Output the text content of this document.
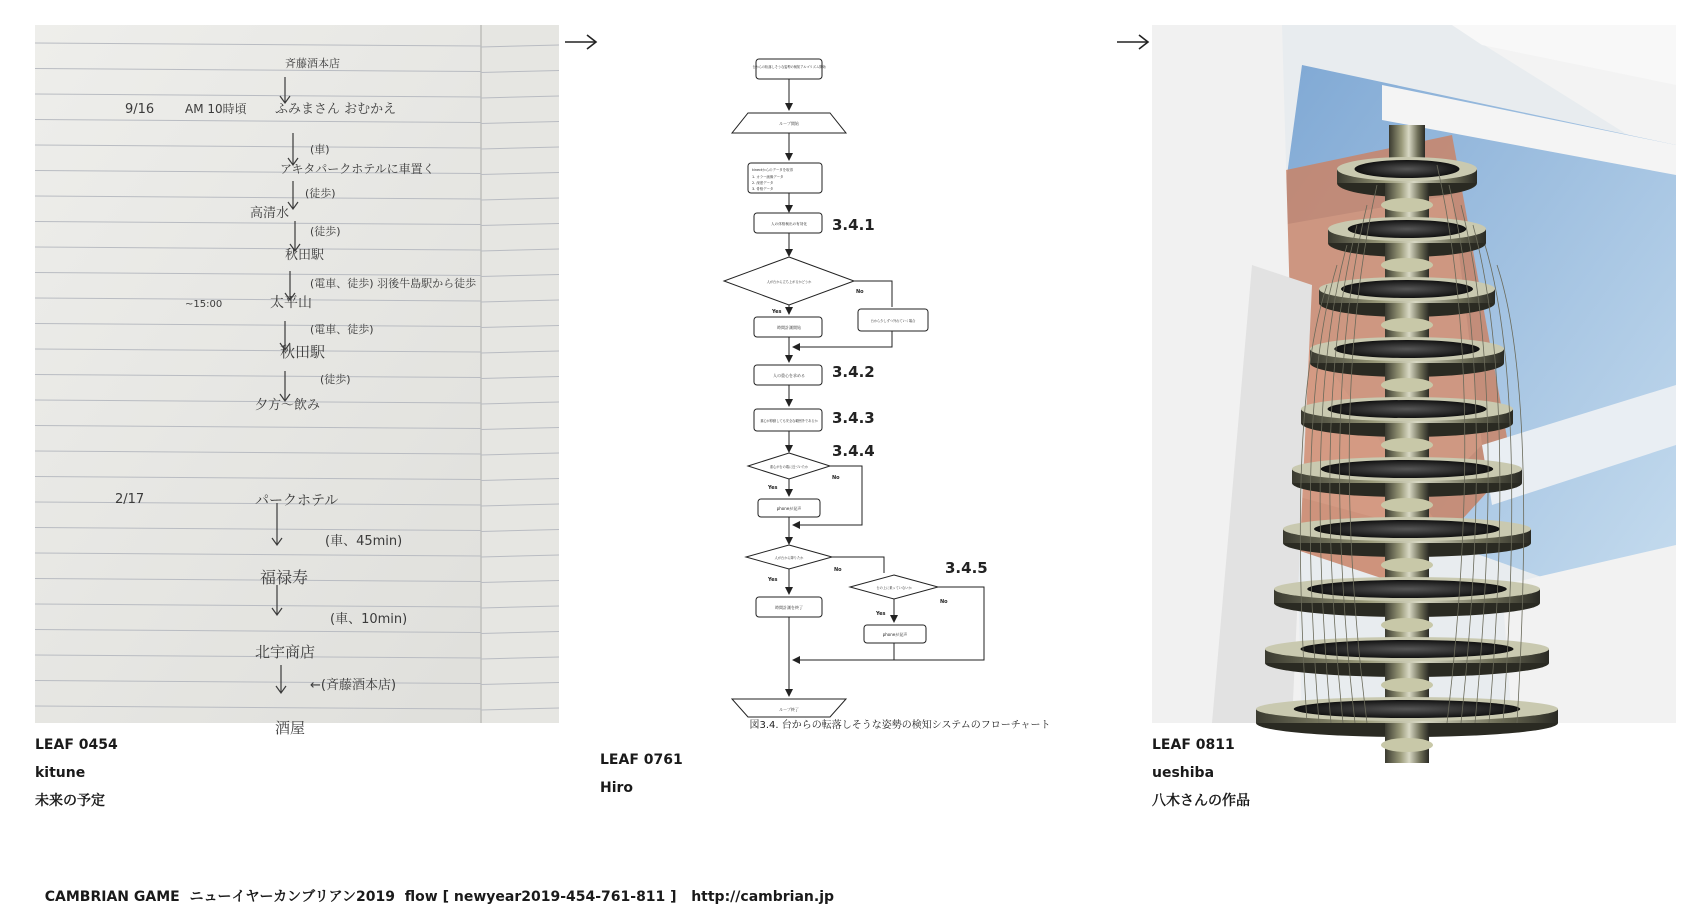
斉藤酒本店
9/16	AM 10時頃 ふみまさん おむかえ
(車)
アキタパークホテルに車置く
(徒歩)
高清水
(徒歩)
秋田駅
(電車、徒歩) 羽後牛島駅から徒歩
~15:00	太平山
(電車、徒歩)
秋田駅
(徒歩)
夕方～飲み
2/17	パークホテル
(車、45min)
福禄寿
(車、10min)
北宇商店
←(斉藤酒本店)
酒屋
LEAF 0454
kitune
未来の予定
台からの転落しそうな姿勢の検知アルゴリズム開始
ループ開始
kinectからのデータを取得
1. カラー画像データ
2. 深度データ
3. 骨格データ
人の体格検出の有効化
人が台から立ち上がるかどうか
時間計測開始
台から少しずつ外れていく場合
人の重心を求める
重心が移動しても安全な範囲外であるか
重心が台の端に近づいたか
phoneが発声
人が台から降りたか
時間計測を終了
台の上に乗っていないか
phoneが発声
ループ終了
Yes
No
Yes
No
Yes
No
Yes
No
3.4.1
3.4.2
3.4.3
3.4.4
3.4.5
図3.4. 台からの転落しそうな姿勢の検知システムのフローチャート
LEAF 0761
Hiro
LEAF 0811
ueshiba
八木さんの作品

CAMBRIAN GAME ニューイヤーカンブリアン2019 flow [ newyear2019-454-761-811 ] http://cambrian.jp
